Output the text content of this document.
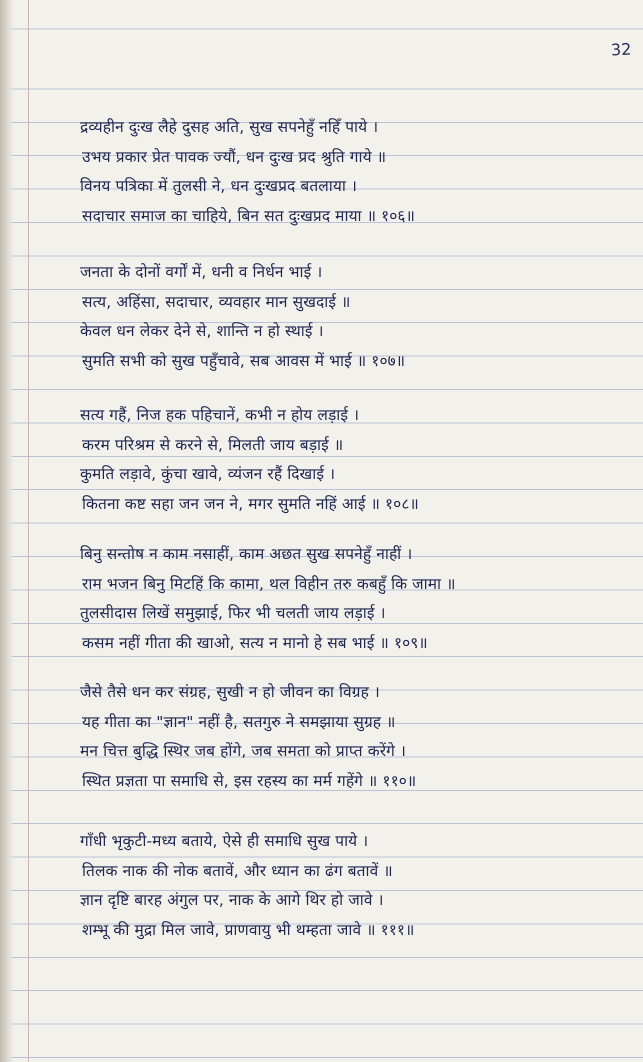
32
द्रव्यहीन दुःख लैहे दुसह अति, सुख सपनेहुँ नहिँ पाये ।
उभय प्रकार प्रेत पावक ज्यौं, धन दुःख प्रद श्रुति गाये ॥
विनय पत्रिका में तुलसी ने, धन दुःखप्रद बतलाया ।
सदाचार समाज का चाहिये, बिन सत दुःखप्रद माया ॥ १०६॥
जनता के दोनों वर्गों में, धनी व निर्धन भाई ।
सत्य, अहिंसा, सदाचार, व्यवहार मान सुखदाई ॥
केवल धन लेकर देने से, शान्ति न हो स्थाई ।
सुमति सभी को सुख पहुँचावे, सब आवस में भाई ॥ १०७॥
सत्य गहैं, निज हक पहिचानें, कभी न होय लड़ाई ।
करम परिश्रम से करने से, मिलती जाय बड़ाई ॥
कुमति लड़ावे, कुंचा खावे, व्यंजन रहैं दिखाई ।
कितना कष्ट सहा जन जन ने, मगर सुमति नहिं आई ॥ १०८॥
बिनु सन्तोष न काम नसाहीं, काम अछत सुख सपनेहुँ नाहीं ।
राम भजन बिनु मिटहिं कि कामा, थल विहीन तरु कबहुँ कि जामा ॥
तुलसीदास लिखें समुझाई, फिर भी चलती जाय लड़ाई ।
कसम नहीं गीता की खाओ, सत्य न मानो हे सब भाई ॥ १०९॥
जैसे तैसे धन कर संग्रह, सुखी न हो जीवन का विग्रह ।
यह गीता का "ज्ञान" नहीं है, सतगुरु ने समझाया सुग्रह ॥
मन चित्त बुद्धि स्थिर जब होंगे, जब समता को प्राप्त करेंगे ।
स्थित प्रज्ञता पा समाधि से, इस रहस्य का मर्म गहेंगे ॥ ११०॥
गाँधी भृकुटी-मध्य बताये, ऐसे ही समाधि सुख पाये ।
तिलक नाक की नोक बतावें, और ध्यान का ढंग बतावें ॥
ज्ञान दृष्टि बारह अंगुल पर, नाक के आगे थिर हो जावे ।
शम्भू की मुद्रा मिल जावे, प्राणवायु भी थम्हता जावे ॥ १११॥
